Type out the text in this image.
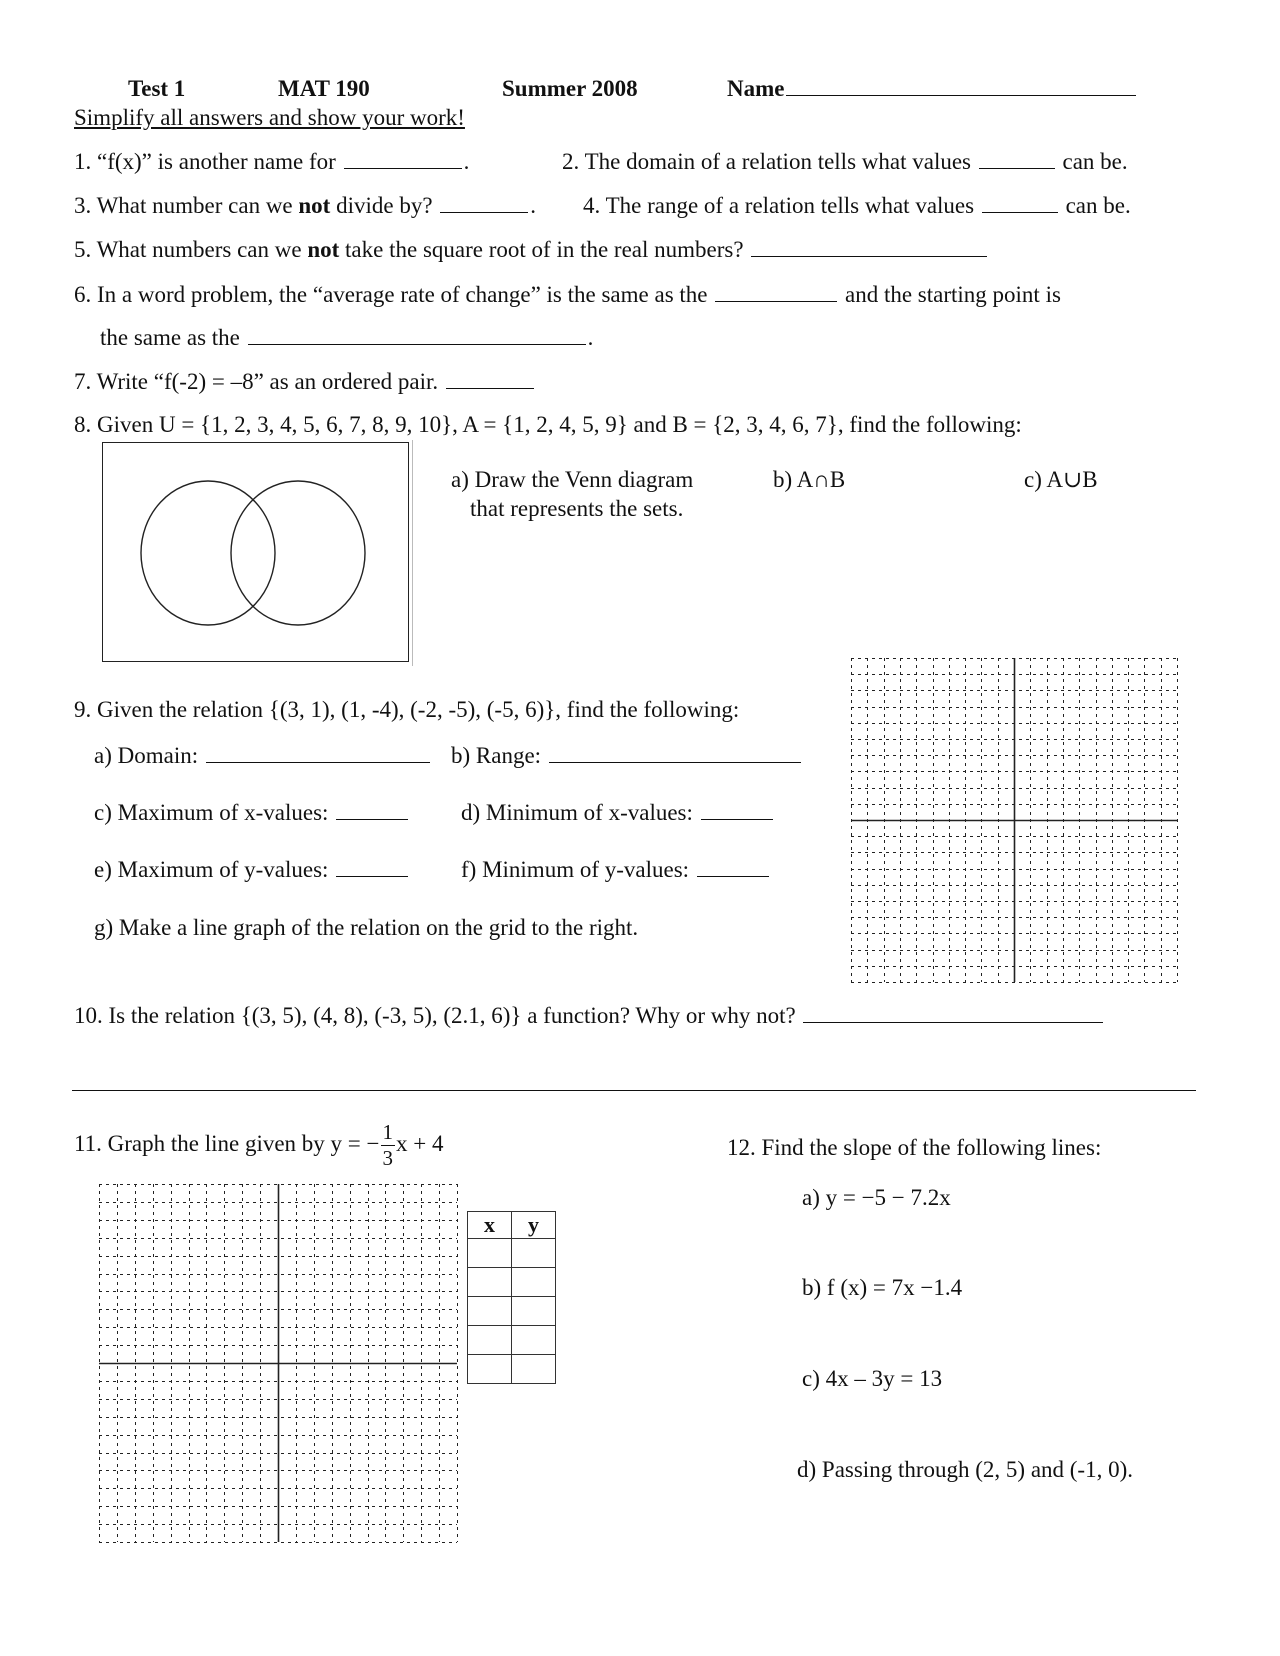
Test 1	MAT 190	Summer 2008	Name
Simplify all answers and show your work!
1. “f(x)” is another name for	.	2. The domain of a relation tells what values	can be.
3. What number can we not divide by?	. 4. The range of a relation tells what values	can be.
5. What numbers can we not take the square root of in the real numbers?
6. In a word problem, the “average rate of change” is the same as the	and the starting point is
the same as the	.
7. Write “f(-2) = –8” as an ordered pair.
8. Given U = {1, 2, 3, 4, 5, 6, 7, 8, 9, 10}, A = {1, 2, 4, 5, 9} and B = {2, 3, 4, 6, 7}, find the following:
a) Draw the Venn diagram
that represents the sets.
b) A∩B	c) A∪B
9. Given the relation {(3, 1), (1, -4), (-2, -5), (-5, 6)}, find the following:
a) Domain:	b) Range:
c) Maximum of x-values:	d) Minimum of x-values:
e) Maximum of y-values:	f) Minimum of y-values:
g) Make a line graph of the relation on the grid to the right.
10. Is the relation {(3, 5), (4, 8), (-3, 5), (2.1, 6)} a function? Why or why not?
11. Graph the line given by y = − $\frac{1}{3}$ x + 4
x	y

12. Find the slope of the following lines:
a) y = −5 − 7.2x
b) f (x) = 7x −1.4
c) 4x – 3y = 13
d) Passing through (2, 5) and (-1, 0).
